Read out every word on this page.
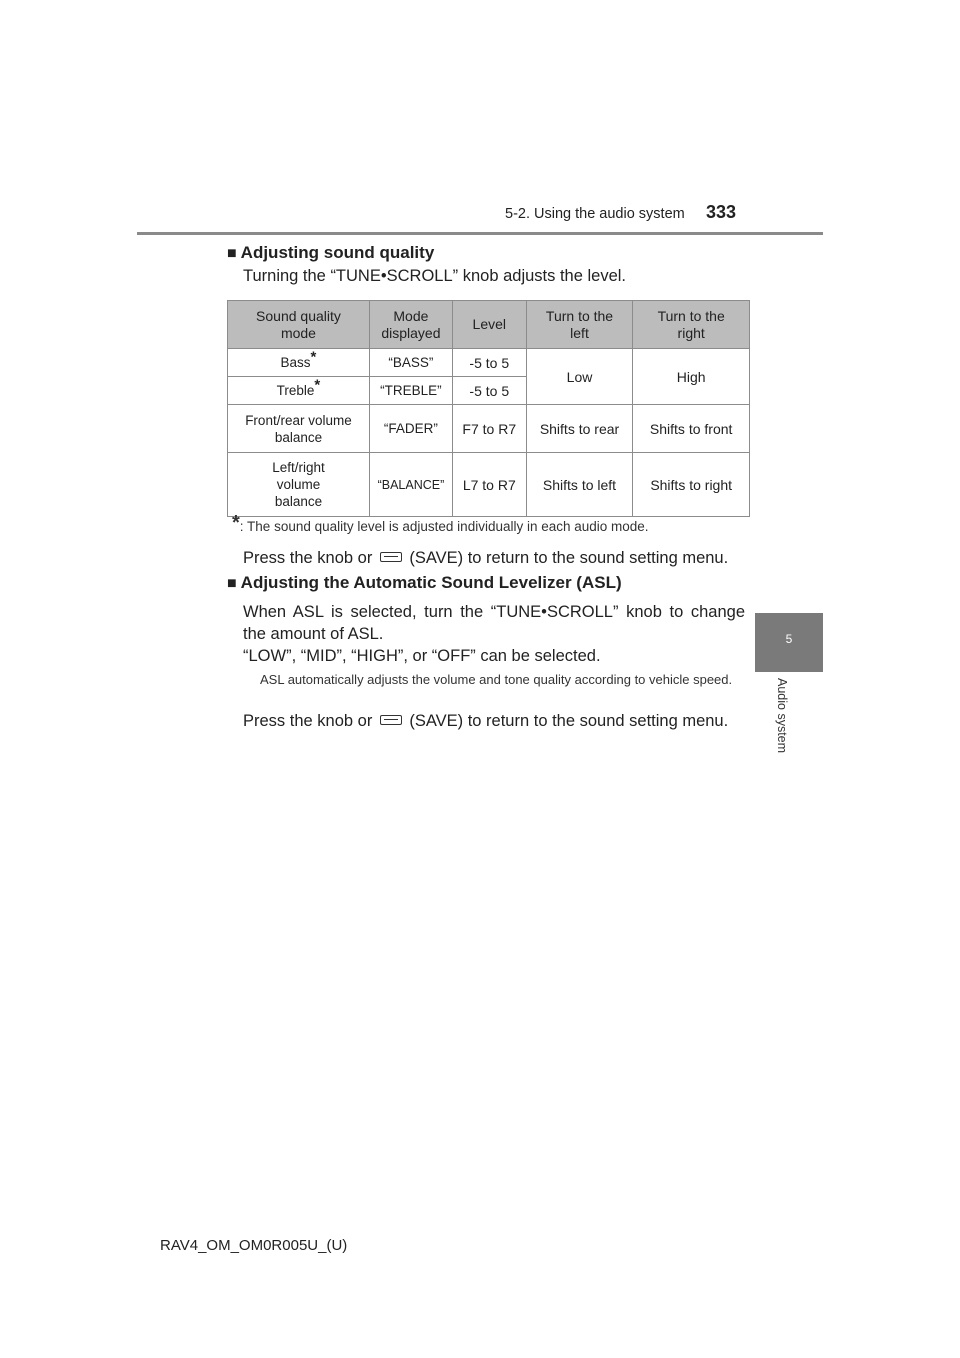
5-2. Using the audio system 333
5
Audio system
■ Adjusting sound quality
Turning the “TUNE•SCROLL” knob adjusts the level.
Sound quality mode	Mode displayed	Level	Turn to the left	Turn to the right
Bass*	“BASS”	-5 to 5	Low	High
Treble*	“TREBLE”	-5 to 5		
Front/rear volume balance	“FADER”	F7 to R7	Shifts to rear	Shifts to front
Left/right volume balance	“BALANCE”	L7 to R7	Shifts to left	Shifts to right
*: The sound quality level is adjusted individually in each audio mode.
Press the knob or (SAVE) to return to the sound setting menu.
■ Adjusting the Automatic Sound Levelizer (ASL)
When ASL is selected, turn the “TUNE•SCROLL” knob to change
the amount of ASL.
“LOW”, “MID”, “HIGH”, or “OFF” can be selected.
ASL automatically adjusts the volume and tone quality according to vehicle speed.
Press the knob or (SAVE) to return to the sound setting menu.
RAV4_OM_OM0R005U_(U)
